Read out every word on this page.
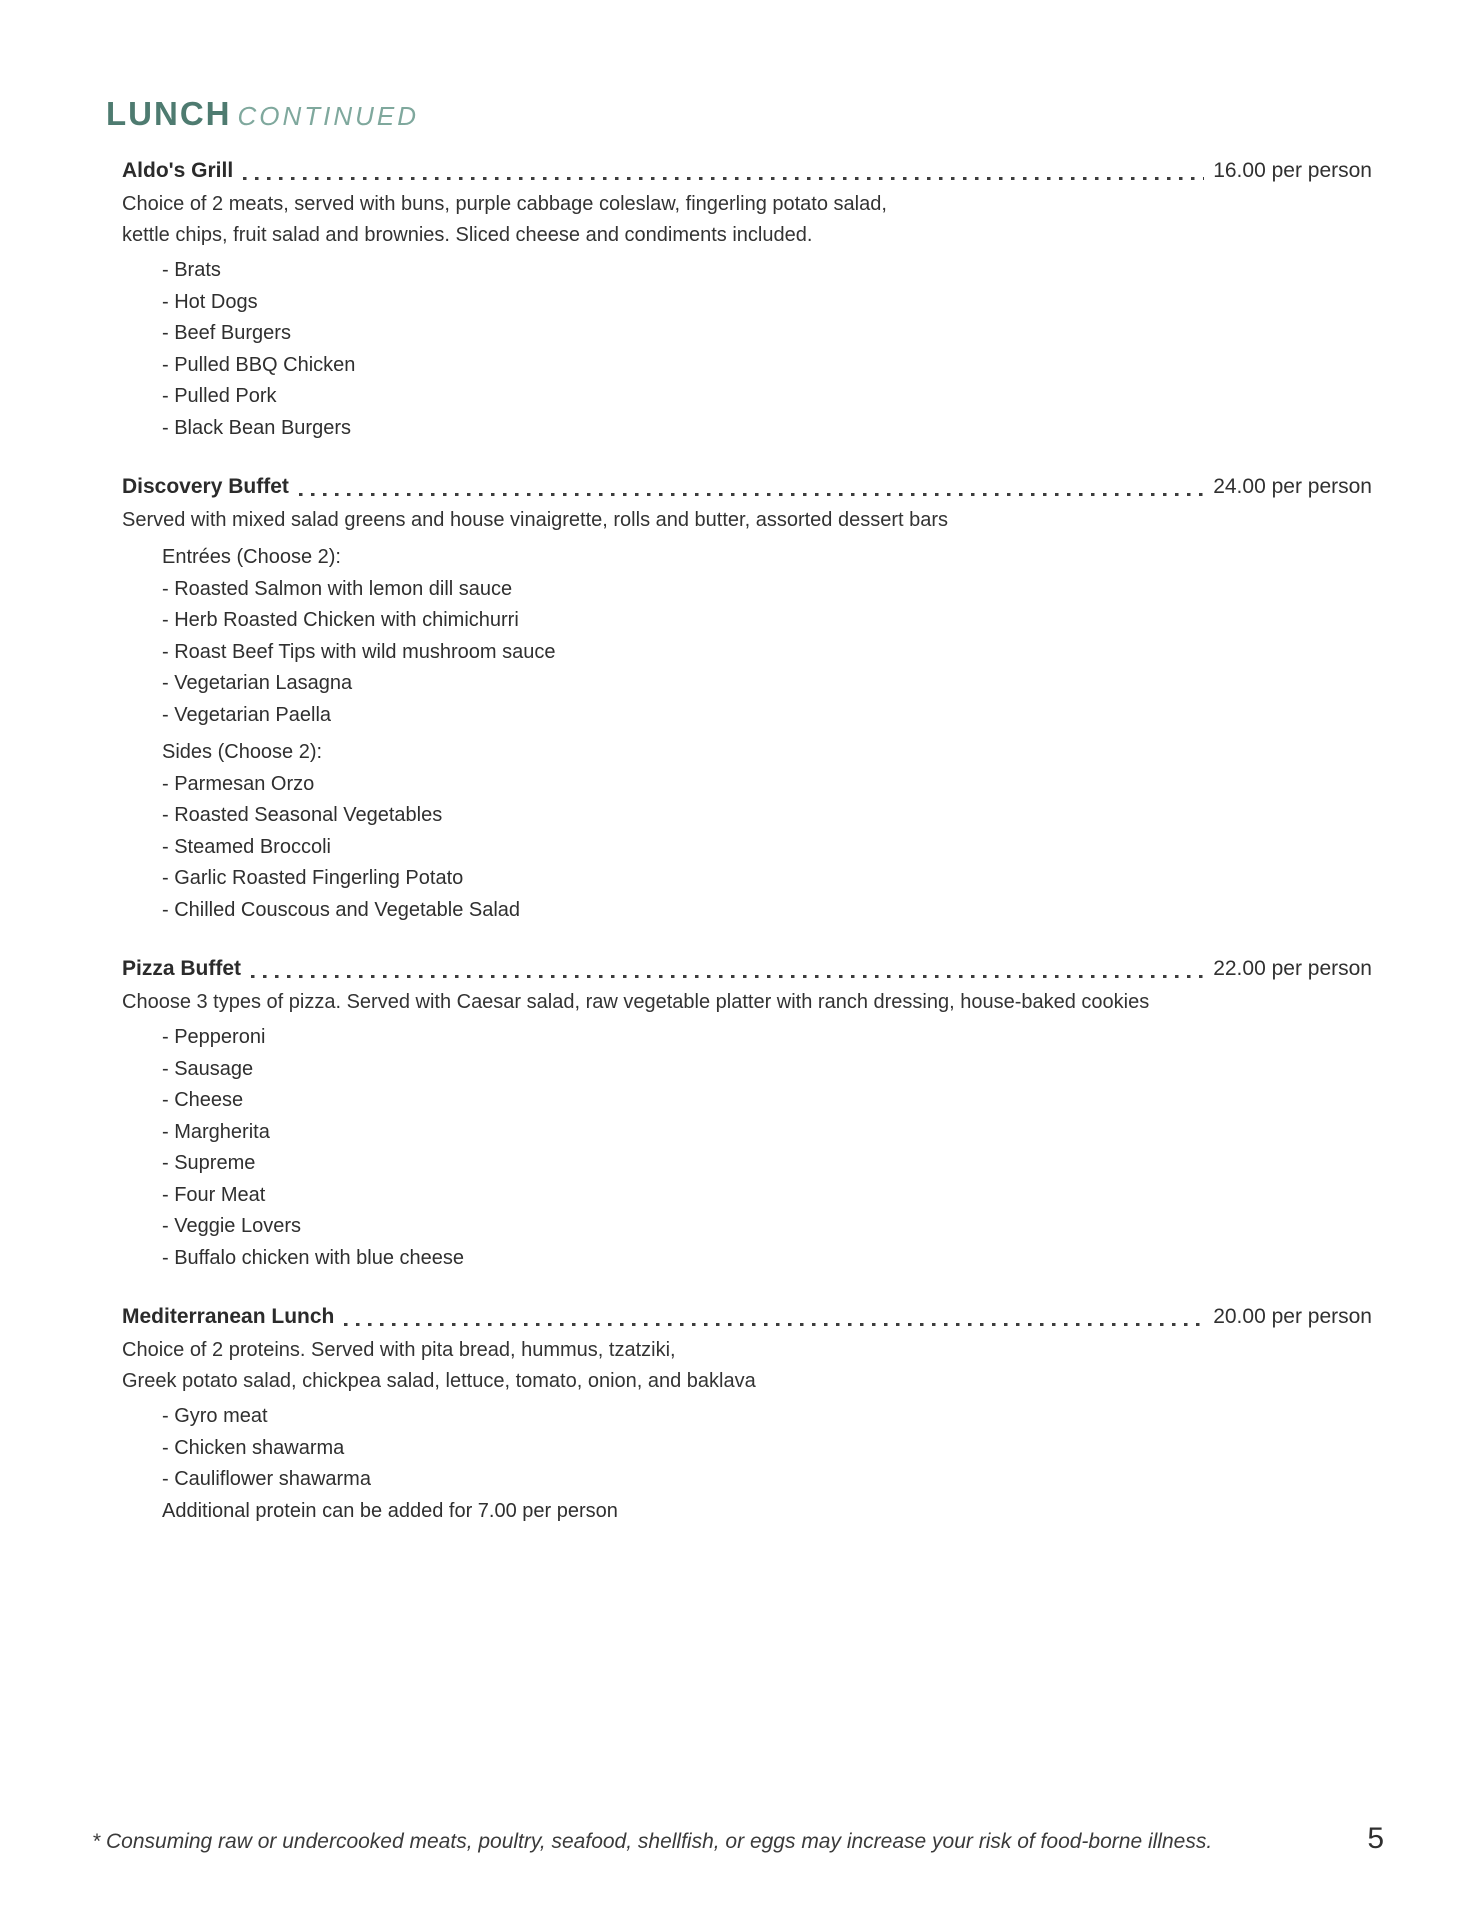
LUNCH CONTINUED
Aldo's Grill	16.00 per person
Choice of 2 meats, served with buns, purple cabbage coleslaw, fingerling potato salad,
kettle chips, fruit salad and brownies. Sliced cheese and condiments included.
- Brats
- Hot Dogs
- Beef Burgers
- Pulled BBQ Chicken
- Pulled Pork
- Black Bean Burgers
Discovery Buffet	24.00 per person
Served with mixed salad greens and house vinaigrette, rolls and butter, assorted dessert bars
Entrées (Choose 2):
- Roasted Salmon with lemon dill sauce
- Herb Roasted Chicken with chimichurri
- Roast Beef Tips with wild mushroom sauce
- Vegetarian Lasagna
- Vegetarian Paella
Sides (Choose 2):
- Parmesan Orzo
- Roasted Seasonal Vegetables
- Steamed Broccoli
- Garlic Roasted Fingerling Potato
- Chilled Couscous and Vegetable Salad
Pizza Buffet	22.00 per person
Choose 3 types of pizza. Served with Caesar salad, raw vegetable platter with ranch dressing, house-baked cookies
- Pepperoni
- Sausage
- Cheese
- Margherita
- Supreme
- Four Meat
- Veggie Lovers
- Buffalo chicken with blue cheese
Mediterranean Lunch	20.00 per person
Choice of 2 proteins. Served with pita bread, hummus, tzatziki,
Greek potato salad, chickpea salad, lettuce, tomato, onion, and baklava
- Gyro meat
- Chicken shawarma
- Cauliflower shawarma
Additional protein can be added for 7.00 per person
* Consuming raw or undercooked meats, poultry, seafood, shellfish, or eggs may increase your risk of food-borne illness.	5
